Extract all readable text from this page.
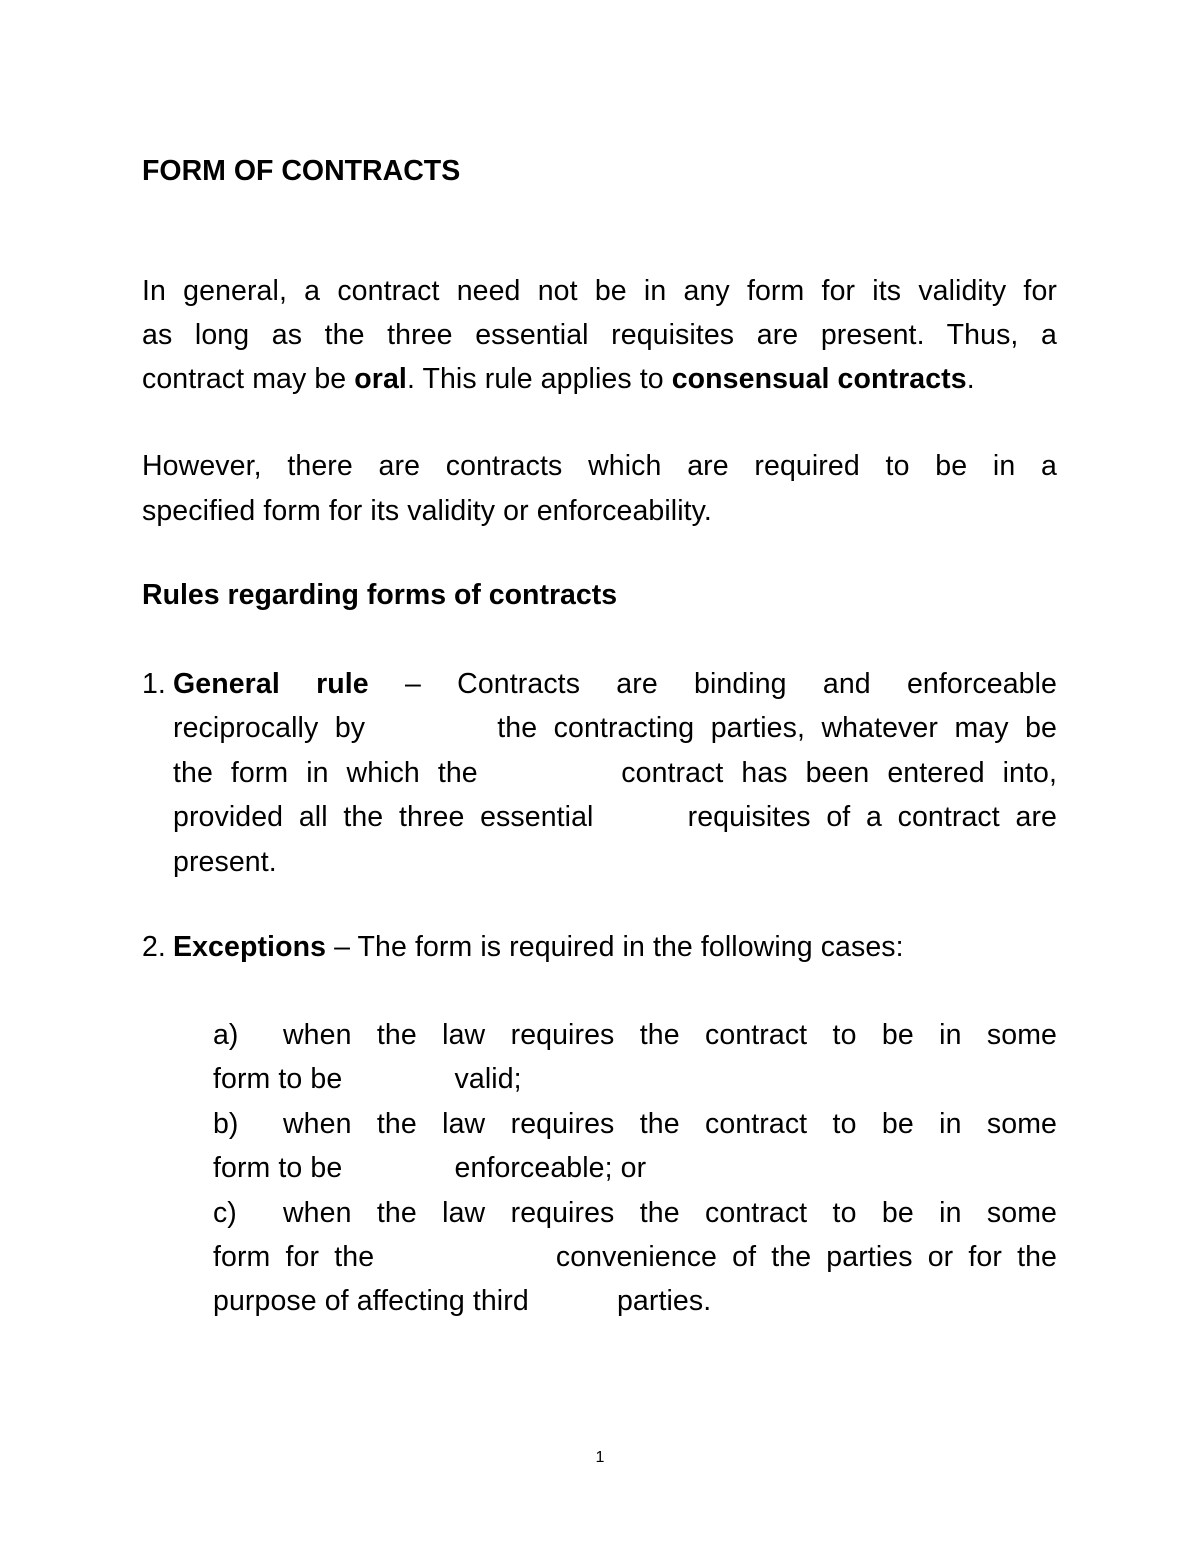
FORM OF CONTRACTS
In general, a contract need not be in any form for its validity for
as long as the three essential requisites are present. Thus, a
contract may be oral. This rule applies to consensual contracts.
However, there are contracts which are required to be in a
specified form for its validity or enforceability.
Rules regarding forms of contracts
1. General rule – Contracts are binding and enforceable
reciprocally by        the contracting parties, whatever may be
the form in which the        contract has been entered into,
provided all the three essential      requisites of a contract are
present.
2. Exceptions – The form is required in the following cases:
a) when the law requires the contract to be in some
form to be              valid;
b) when the law requires the contract to be in some
form to be              enforceable; or
c) when the law requires the contract to be in some
form for the            convenience of the parties or for the
purpose of affecting third           parties.
1
